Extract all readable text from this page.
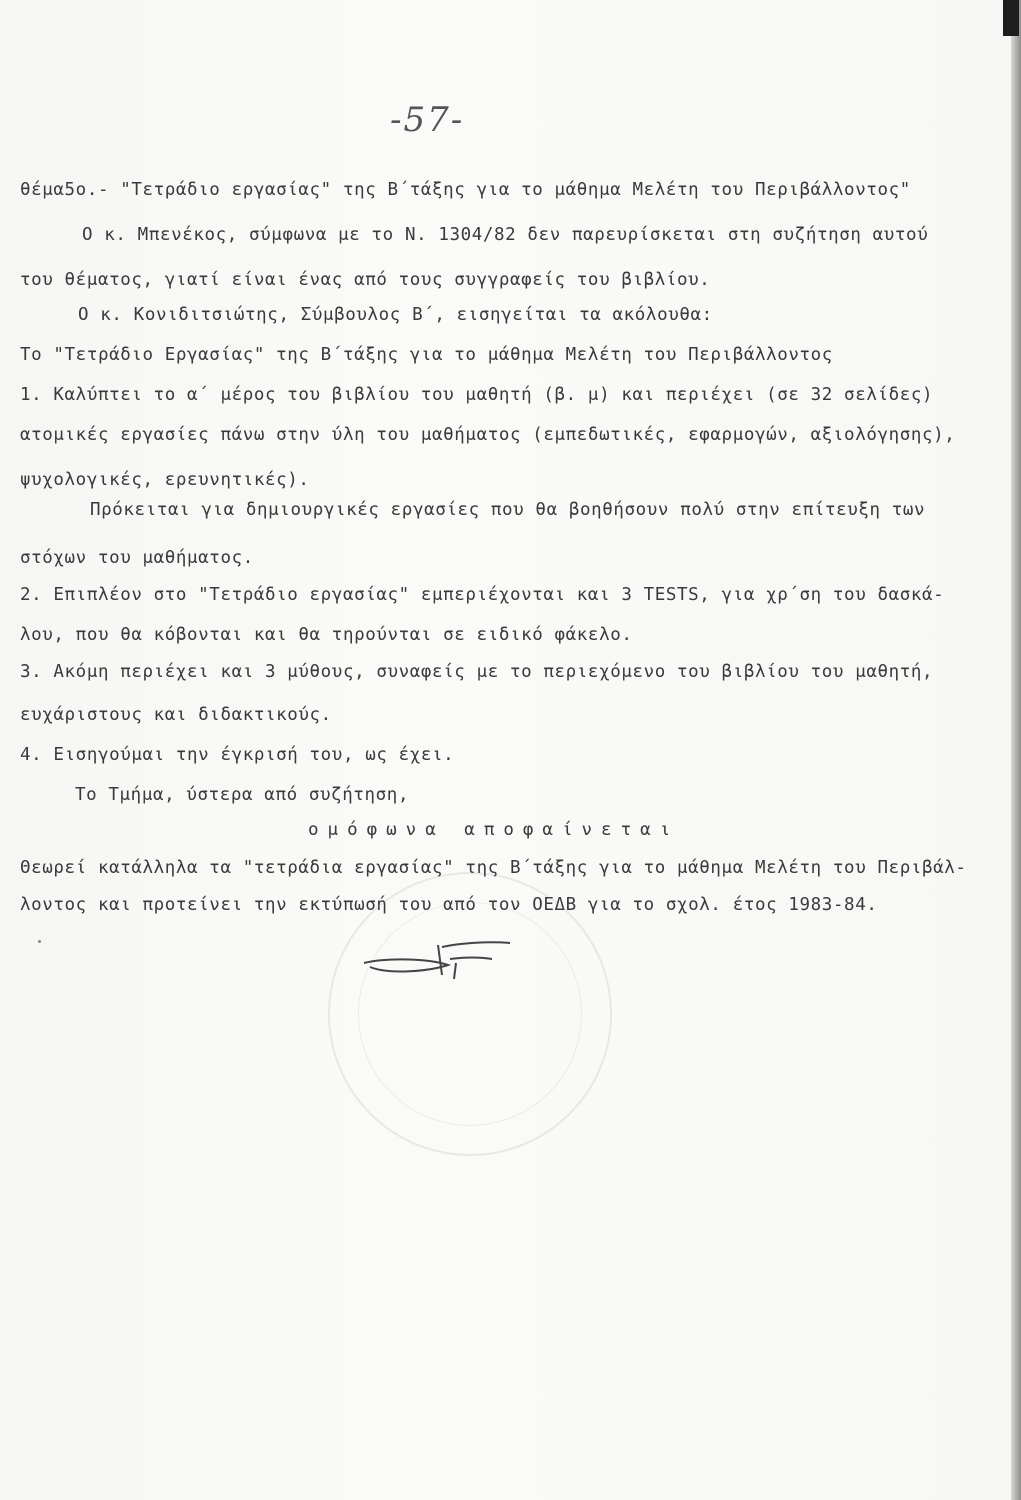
-57-
θέμα5ο.- "Τετράδιο εργασίας" της Β΄τάξης για το μάθημα Μελέτη του Περιβάλλοντος"
Ο κ. Μπενέκος, σύμφωνα με το Ν. 1304/82 δεν παρευρίσκεται στη συζήτηση αυτού
του θέματος, γιατί είναι ένας από τους συγγραφείς του βιβλίου.
Ο κ. Κονιδιτσιώτης, Σύμβουλος Β΄, εισηγείται τα ακόλουθα:
Το "Τετράδιο Εργασίας" της Β΄τάξης για το μάθημα Μελέτη του Περιβάλλοντος
1. Καλύπτει το α΄ μέρος του βιβλίου του μαθητή (β. μ) και περιέχει (σε 32 σελίδες)
ατομικές εργασίες πάνω στην ύλη του μαθήματος (εμπεδωτικές, εφαρμογών, αξιολόγησης),
ψυχολογικές, ερευνητικές).
Πρόκειται για δημιουργικές εργασίες που θα βοηθήσουν πολύ στην επίτευξη των
στόχων του μαθήματος.
2. Επιπλέον στο "Τετράδιο εργασίας" εμπεριέχονται και 3 TESTS, για χρ΄ση του δασκά-
λου, που θα κόβονται και θα τηρούνται σε ειδικό φάκελο.
3. Ακόμη περιέχει και 3 μύθους, συναφείς με το περιεχόμενο του βιβλίου του μαθητή,
ευχάριστους και διδακτικούς.
4. Εισηγούμαι την έγκρισή του, ως έχει.
Το Τμήμα, ύστερα από συζήτηση,
ομόφωνα αποφαίνεται
Θεωρεί κατάλληλα τα "τετράδια εργασίας" της Β΄τάξης για το μάθημα Μελέτη του Περιβάλ-
λοντος και προτείνει την εκτύπωσή του από τον ΟΕΔΒ για το σχολ. έτος 1983-84.
